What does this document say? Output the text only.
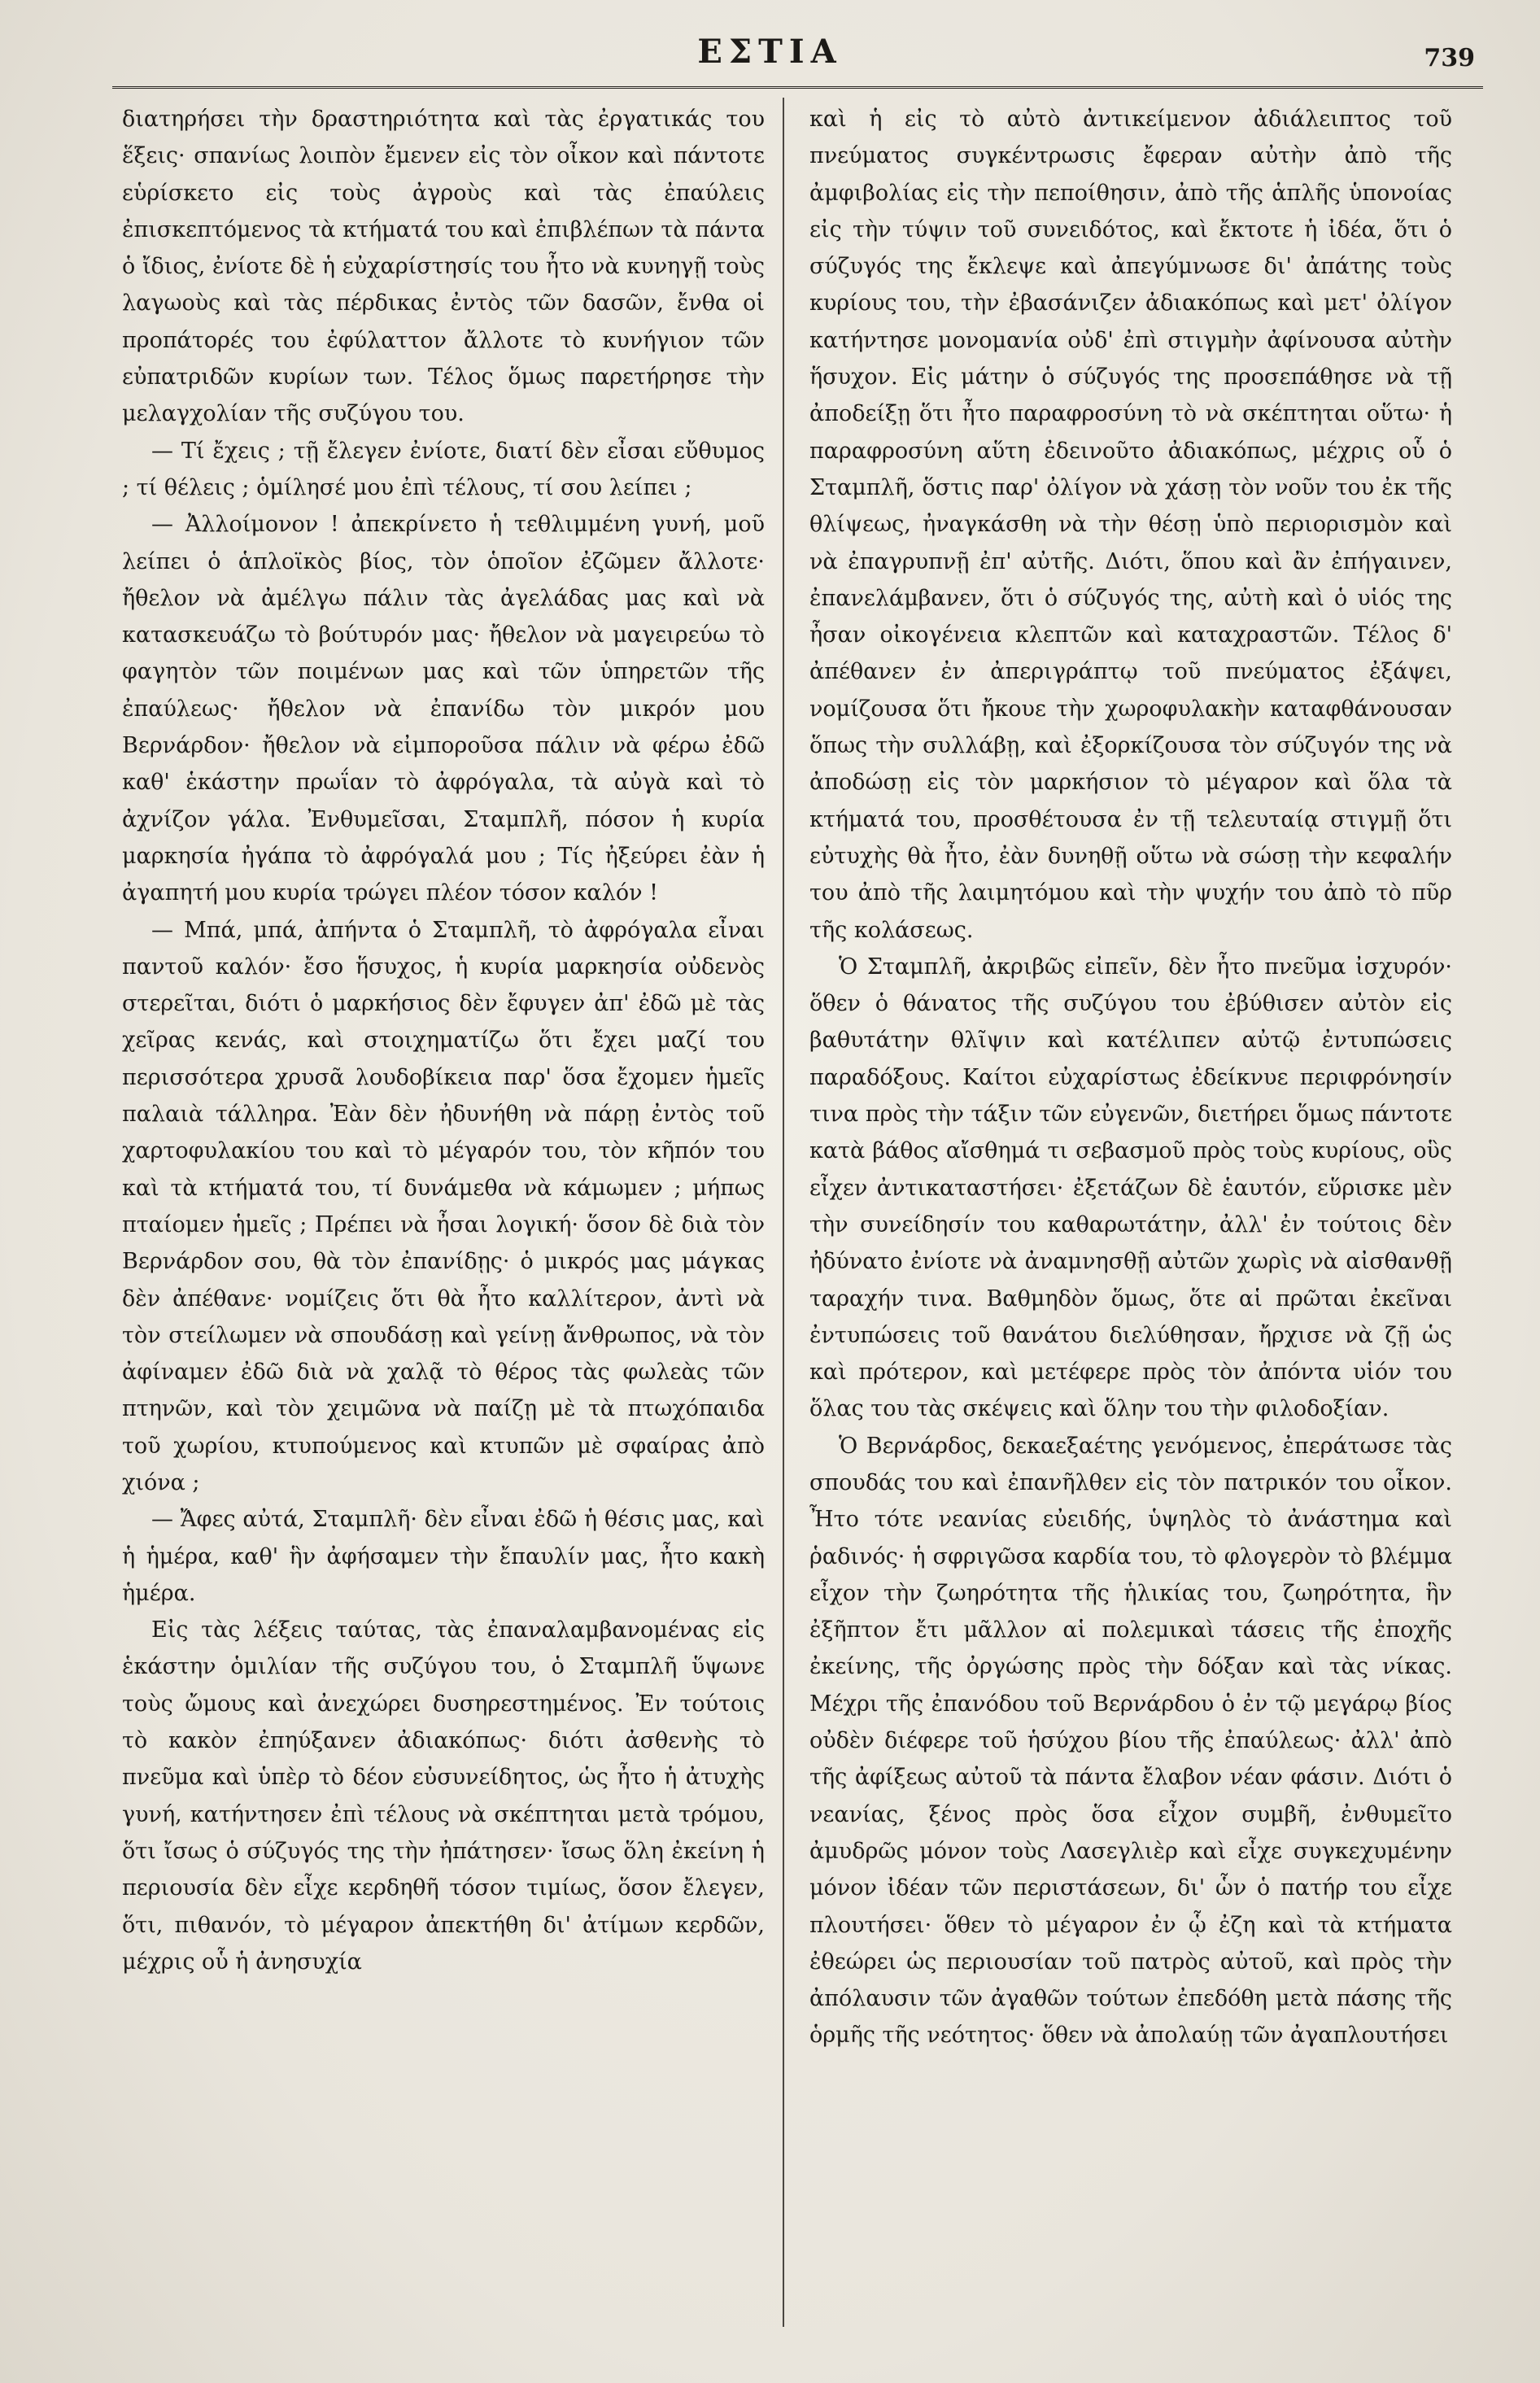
ΕΣΤΙΑ	739

διατηρήσει τὴν δραστηριότητα καὶ τὰς ἐργατικάς του ἕξεις· σπανίως λοιπὸν ἔμενεν εἰς τὸν οἶκον καὶ πάντοτε εὑρίσκετο εἰς τοὺς ἀγροὺς καὶ τὰς ἐπαύλεις ἐπισκεπτόμενος τὰ κτήματά του καὶ ἐπιβλέπων τὰ πάντα ὁ ἴδιος, ἐνίοτε δὲ ἡ εὐχαρίστησίς του ἦτο νὰ κυνηγῇ τοὺς λαγωοὺς καὶ τὰς πέρδικας ἐντὸς τῶν δασῶν, ἔνθα οἱ προπάτορές του ἐφύλαττον ἄλλοτε τὸ κυνήγιον τῶν εὐπατριδῶν κυρίων των. Τέλος ὅμως παρετήρησε τὴν μελαγχολίαν τῆς συζύγου του.

— Τί ἔχεις ; τῇ ἔλεγεν ἐνίοτε, διατί δὲν εἶσαι εὔθυμος ; τί θέλεις ; ὁμίλησέ μου ἐπὶ τέλους, τί σου λείπει ;

— Ἀλλοίμονον ! ἀπεκρίνετο ἡ τεθλιμμένη γυνή, μοῦ λείπει ὁ ἁπλοϊκὸς βίος, τὸν ὁποῖον ἐζῶμεν ἄλλοτε· ἤθελον νὰ ἀμέλγω πάλιν τὰς ἀγελάδας μας καὶ νὰ κατασκευάζω τὸ βούτυρόν μας· ἤθελον νὰ μαγειρεύω τὸ φαγητὸν τῶν ποιμένων μας καὶ τῶν ὑπηρετῶν τῆς ἐπαύλεως· ἤθελον νὰ ἐπανίδω τὸν μικρόν μου Βερνάρδον· ἤθελον νὰ εἰμποροῦσα πάλιν νὰ φέρω ἐδῶ καθ' ἑκάστην πρωΐαν τὸ ἀφρόγαλα, τὰ αὐγὰ καὶ τὸ ἀχνίζον γάλα. Ἐνθυμεῖσαι, Σταμπλῆ, πόσον ἡ κυρία μαρκησία ἠγάπα τὸ ἀφρόγαλά μου ; Τίς ἠξεύρει ἐὰν ἡ ἀγαπητή μου κυρία τρώγει πλέον τόσον καλόν !

— Μπά, μπά, ἀπήντα ὁ Σταμπλῆ, τὸ ἀφρόγαλα εἶναι παντοῦ καλόν· ἔσο ἥσυχος, ἡ κυρία μαρκησία οὐδενὸς στερεῖται, διότι ὁ μαρκήσιος δὲν ἔφυγεν ἀπ' ἐδῶ μὲ τὰς χεῖρας κενάς, καὶ στοιχηματίζω ὅτι ἔχει μαζί του περισσότερα χρυσᾶ λουδοβίκεια παρ' ὅσα ἔχομεν ἡμεῖς παλαιὰ τάλληρα. Ἐὰν δὲν ἠδυνήθη νὰ πάρῃ ἐντὸς τοῦ χαρτοφυλακίου του καὶ τὸ μέγαρόν του, τὸν κῆπόν του καὶ τὰ κτήματά του, τί δυνάμεθα νὰ κάμωμεν ; μήπως πταίομεν ἡμεῖς ; Πρέπει νὰ ἦσαι λογική· ὅσον δὲ διὰ τὸν Βερνάρδον σου, θὰ τὸν ἐπανίδῃς· ὁ μικρός μας μάγκας δὲν ἀπέθανε· νομίζεις ὅτι θὰ ἦτο καλλίτερον, ἀντὶ νὰ τὸν στείλωμεν νὰ σπουδάσῃ καὶ γείνῃ ἄνθρωπος, νὰ τὸν ἀφίναμεν ἐδῶ διὰ νὰ χαλᾷ τὸ θέρος τὰς φωλεὰς τῶν πτηνῶν, καὶ τὸν χειμῶνα νὰ παίζῃ μὲ τὰ πτωχόπαιδα τοῦ χωρίου, κτυπούμενος καὶ κτυπῶν μὲ σφαίρας ἀπὸ χιόνα ;

— Ἄφες αὐτά, Σταμπλῆ· δὲν εἶναι ἐδῶ ἡ θέσις μας, καὶ ἡ ἡμέρα, καθ' ἣν ἀφήσαμεν τὴν ἔπαυλίν μας, ἦτο κακὴ ἡμέρα.

Εἰς τὰς λέξεις ταύτας, τὰς ἐπαναλαμβανομένας εἰς ἑκάστην ὁμιλίαν τῆς συζύγου του, ὁ Σταμπλῆ ὕψωνε τοὺς ὤμους καὶ ἀνεχώρει δυσηρεστημένος. Ἐν τούτοις τὸ κακὸν ἐπηύξανεν ἀδιακόπως· διότι ἀσθενὴς τὸ πνεῦμα καὶ ὑπὲρ τὸ δέον εὐσυνείδητος, ὡς ἦτο ἡ ἀτυχὴς γυνή, κατήντησεν ἐπὶ τέλους νὰ σκέπτηται μετὰ τρόμου, ὅτι ἴσως ὁ σύζυγός της τὴν ἠπάτησεν· ἴσως ὅλη ἐκείνη ἡ περιουσία δὲν εἶχε κερδηθῆ τόσον τιμίως, ὅσον ἔλεγεν, ὅτι, πιθανόν, τὸ μέγαρον ἀπεκτήθη δι' ἀτίμων κερδῶν, μέχρις οὗ ἡ ἀνησυχία

καὶ ἡ εἰς τὸ αὐτὸ ἀντικείμενον ἀδιάλειπτος τοῦ πνεύματος συγκέντρωσις ἔφεραν αὐτὴν ἀπὸ τῆς ἀμφιβολίας εἰς τὴν πεποίθησιν, ἀπὸ τῆς ἁπλῆς ὑπονοίας εἰς τὴν τύψιν τοῦ συνειδότος, καὶ ἔκτοτε ἡ ἰδέα, ὅτι ὁ σύζυγός της ἔκλεψε καὶ ἀπεγύμνωσε δι' ἀπάτης τοὺς κυρίους του, τὴν ἐβασάνιζεν ἀδιακόπως καὶ μετ' ὀλίγον κατήντησε μονομανία οὐδ' ἐπὶ στιγμὴν ἀφίνουσα αὐτὴν ἥσυχον. Εἰς μάτην ὁ σύζυγός της προσεπάθησε νὰ τῇ ἀποδείξῃ ὅτι ἦτο παραφροσύνη τὸ νὰ σκέπτηται οὕτω· ἡ παραφροσύνη αὕτη ἐδεινοῦτο ἀδιακόπως, μέχρις οὗ ὁ Σταμπλῆ, ὅστις παρ' ὀλίγον νὰ χάσῃ τὸν νοῦν του ἐκ τῆς θλίψεως, ἠναγκάσθη νὰ τὴν θέσῃ ὑπὸ περιορισμὸν καὶ νὰ ἐπαγρυπνῇ ἐπ' αὐτῆς. Διότι, ὅπου καὶ ἂν ἐπήγαινεν, ἐπανελάμβανεν, ὅτι ὁ σύζυγός της, αὐτὴ καὶ ὁ υἱός της ἦσαν οἰκογένεια κλεπτῶν καὶ καταχραστῶν. Τέλος δ' ἀπέθανεν ἐν ἀπεριγράπτῳ τοῦ πνεύματος ἐξάψει, νομίζουσα ὅτι ἤκουε τὴν χωροφυλακὴν καταφθάνουσαν ὅπως τὴν συλλάβῃ, καὶ ἐξορκίζουσα τὸν σύζυγόν της νὰ ἀποδώσῃ εἰς τὸν μαρκήσιον τὸ μέγαρον καὶ ὅλα τὰ κτήματά του, προσθέτουσα ἐν τῇ τελευταίᾳ στιγμῇ ὅτι εὐτυχὴς θὰ ἦτο, ἐὰν δυνηθῇ οὕτω νὰ σώσῃ τὴν κεφαλήν του ἀπὸ τῆς λαιμητόμου καὶ τὴν ψυχήν του ἀπὸ τὸ πῦρ τῆς κολάσεως.

Ὁ Σταμπλῆ, ἀκριβῶς εἰπεῖν, δὲν ἦτο πνεῦμα ἰσχυρόν· ὅθεν ὁ θάνατος τῆς συζύγου του ἐβύθισεν αὐτὸν εἰς βαθυτάτην θλῖψιν καὶ κατέλιπεν αὐτῷ ἐντυπώσεις παραδόξους. Καίτοι εὐχαρίστως ἐδείκνυε περιφρόνησίν τινα πρὸς τὴν τάξιν τῶν εὐγενῶν, διετήρει ὅμως πάντοτε κατὰ βάθος αἴσθημά τι σεβασμοῦ πρὸς τοὺς κυρίους, οὓς εἶχεν ἀντικαταστήσει· ἐξετάζων δὲ ἑαυτόν, εὕρισκε μὲν τὴν συνείδησίν του καθαρωτάτην, ἀλλ' ἐν τούτοις δὲν ἠδύνατο ἐνίοτε νὰ ἀναμνησθῇ αὐτῶν χωρὶς νὰ αἰσθανθῇ ταραχήν τινα. Βαθμηδὸν ὅμως, ὅτε αἱ πρῶται ἐκεῖναι ἐντυπώσεις τοῦ θανάτου διελύθησαν, ἤρχισε νὰ ζῇ ὡς καὶ πρότερον, καὶ μετέφερε πρὸς τὸν ἀπόντα υἱόν του ὅλας του τὰς σκέψεις καὶ ὅλην του τὴν φιλοδοξίαν.

Ὁ Βερνάρδος, δεκαεξαέτης γενόμενος, ἐπεράτωσε τὰς σπουδάς του καὶ ἐπανῆλθεν εἰς τὸν πατρικόν του οἶκον. Ἦτο τότε νεανίας εὐειδής, ὑψηλὸς τὸ ἀνάστημα καὶ ῥαδινός· ἡ σφριγῶσα καρδία του, τὸ φλογερὸν τὸ βλέμμα εἶχον τὴν ζωηρότητα τῆς ἡλικίας του, ζωηρότητα, ἣν ἐξῆπτον ἔτι μᾶλλον αἱ πολεμικαὶ τάσεις τῆς ἐποχῆς ἐκείνης, τῆς ὀργώσης πρὸς τὴν δόξαν καὶ τὰς νίκας. Μέχρι τῆς ἐπανόδου τοῦ Βερνάρδου ὁ ἐν τῷ μεγάρῳ βίος οὐδὲν διέφερε τοῦ ἡσύχου βίου τῆς ἐπαύλεως· ἀλλ' ἀπὸ τῆς ἀφίξεως αὐτοῦ τὰ πάντα ἔλαβον νέαν φάσιν. Διότι ὁ νεανίας, ξένος πρὸς ὅσα εἶχον συμβῆ, ἐνθυμεῖτο ἀμυδρῶς μόνον τοὺς Λασεγλιὲρ καὶ εἶχε συγκεχυμένην μόνον ἰδέαν τῶν περιστάσεων, δι' ὧν ὁ πατήρ του εἶχε πλουτήσει· ὅθεν τὸ μέγαρον ἐν ᾧ ἐζη καὶ τὰ κτήματα ἐθεώρει ὡς περιουσίαν τοῦ πατρὸς αὐτοῦ, καὶ πρὸς τὴν ἀπόλαυσιν τῶν ἀγαθῶν τούτων ἐπεδόθη μετὰ πάσης τῆς ὁρμῆς τῆς νεότητος· ὅθεν νὰ ἀπολαύῃ τῶν ἀγαπλουτήσει
